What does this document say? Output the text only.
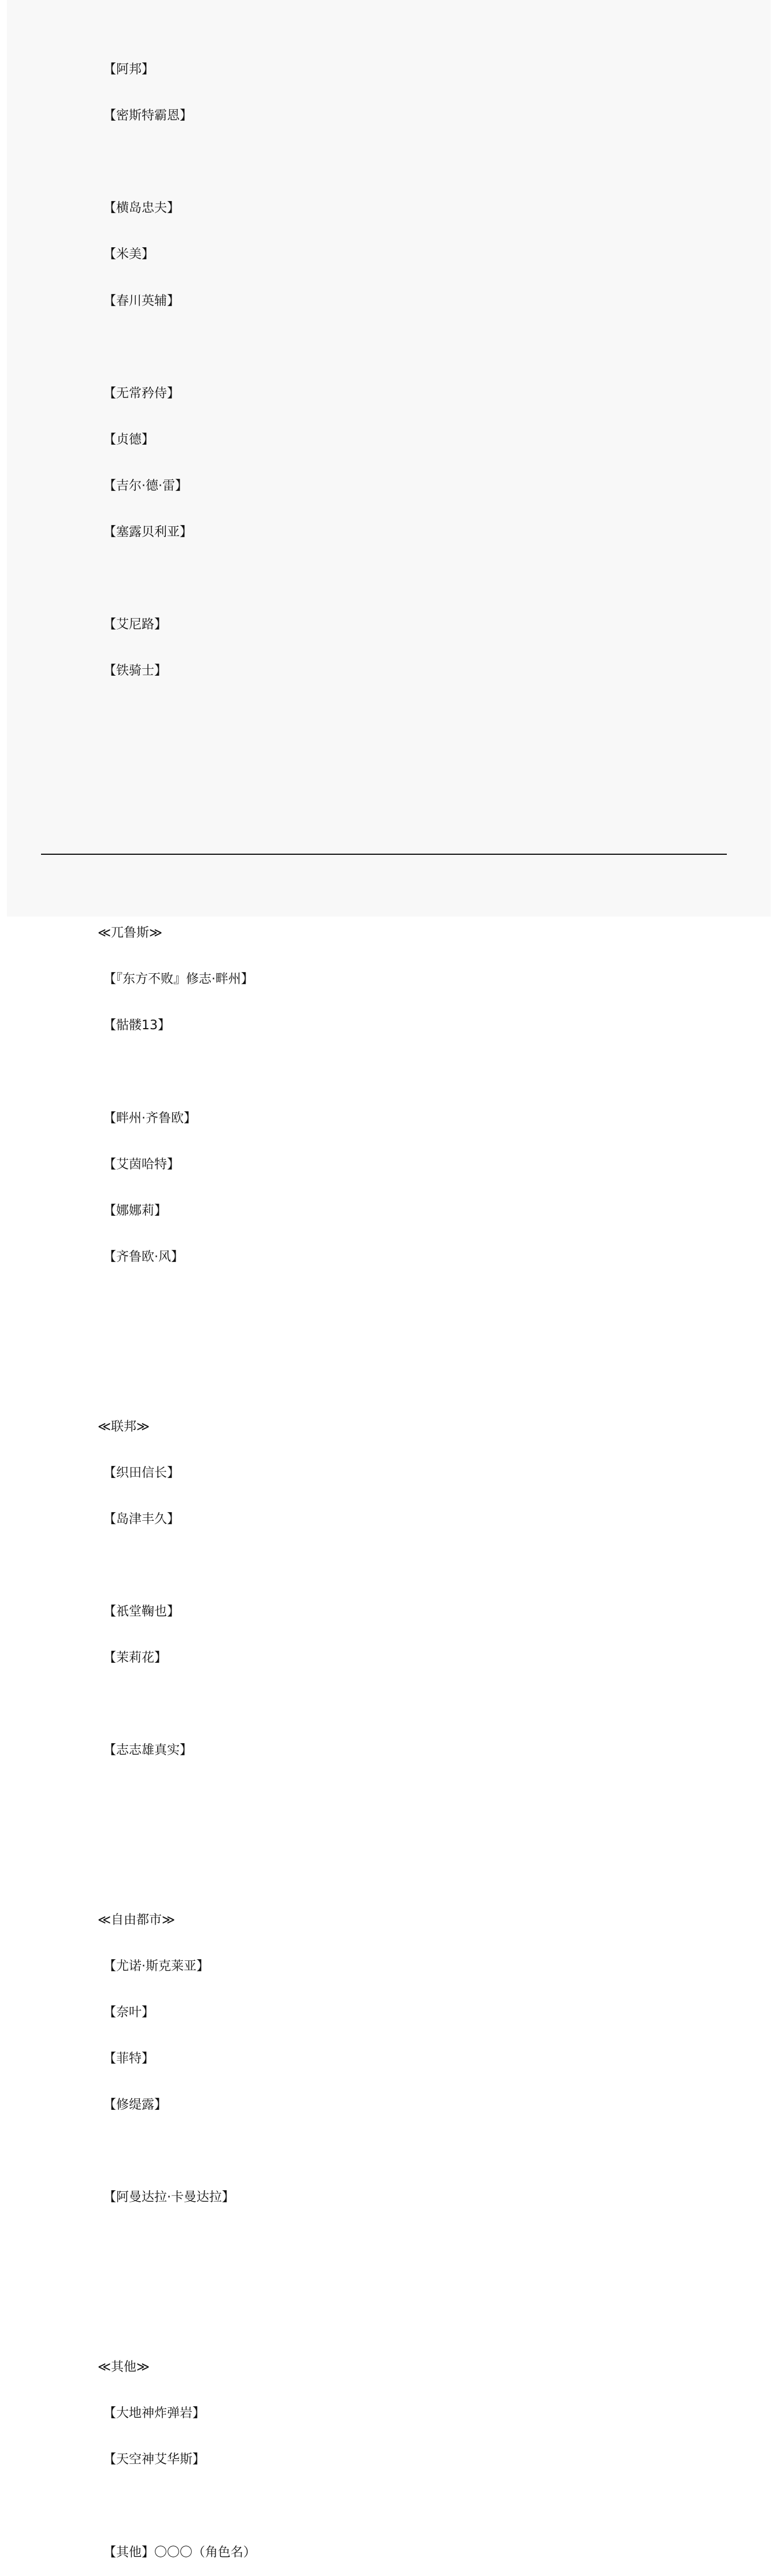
【阿邦】

【密斯特霸恩】

【横岛忠夫】

【米美】

【春川英辅】

【无常矜侍】

【贞德】

【吉尔·德·雷】

【塞露贝利亚】

【艾尼路】

【铁骑士】

≪兀鲁斯≫

【『东方不败』修志·畔州】

【骷髅13】

【畔州·齐鲁欧】

【艾茵哈特】

【娜娜莉】

【齐鲁欧·风】

≪联邦≫

【织田信长】

【岛津丰久】

【祇堂鞠也】

【茉莉花】

【志志雄真实】

≪自由都市≫

【尤诺·斯克莱亚】

【奈叶】

【菲特】

【修缇露】

【阿曼达拉·卡曼达拉】

≪其他≫

【大地神炸弹岩】

【天空神艾华斯】

【其他】〇〇〇（角色名）
